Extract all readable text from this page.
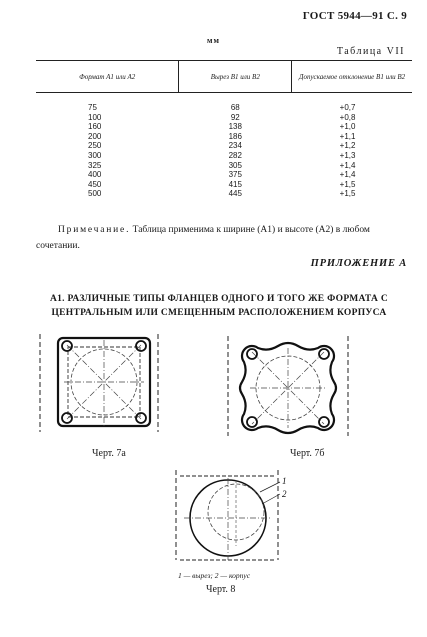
ГОСТ 5944—91 С. 9
мм
Таблица VII
Формат A1 или A2	Вырез B1 или B2	Допускаемое отклонение B1 или B2
75	68	+0,7
100	92	+0,8
160	138	+1,0
200	186	+1,1
250	234	+1,2
300	282	+1,3
325	305	+1,4
400	375	+1,4
450	415	+1,5
500	445	+1,5
Примечание. Таблица применима к ширине (A1) и высоте (A2) в любом сочетании.
ПРИЛОЖЕНИЕ А
А1. РАЗЛИЧНЫЕ ТИПЫ ФЛАНЦЕВ ОДНОГО И ТОГО ЖЕ ФОРМАТА С ЦЕНТРАЛЬНЫМ ИЛИ СМЕЩЕННЫМ РАСПОЛОЖЕНИЕМ КОРПУСА
Черт. 7а	Черт. 7б
1
2
1 — вырез; 2 — корпус
Черт. 8
